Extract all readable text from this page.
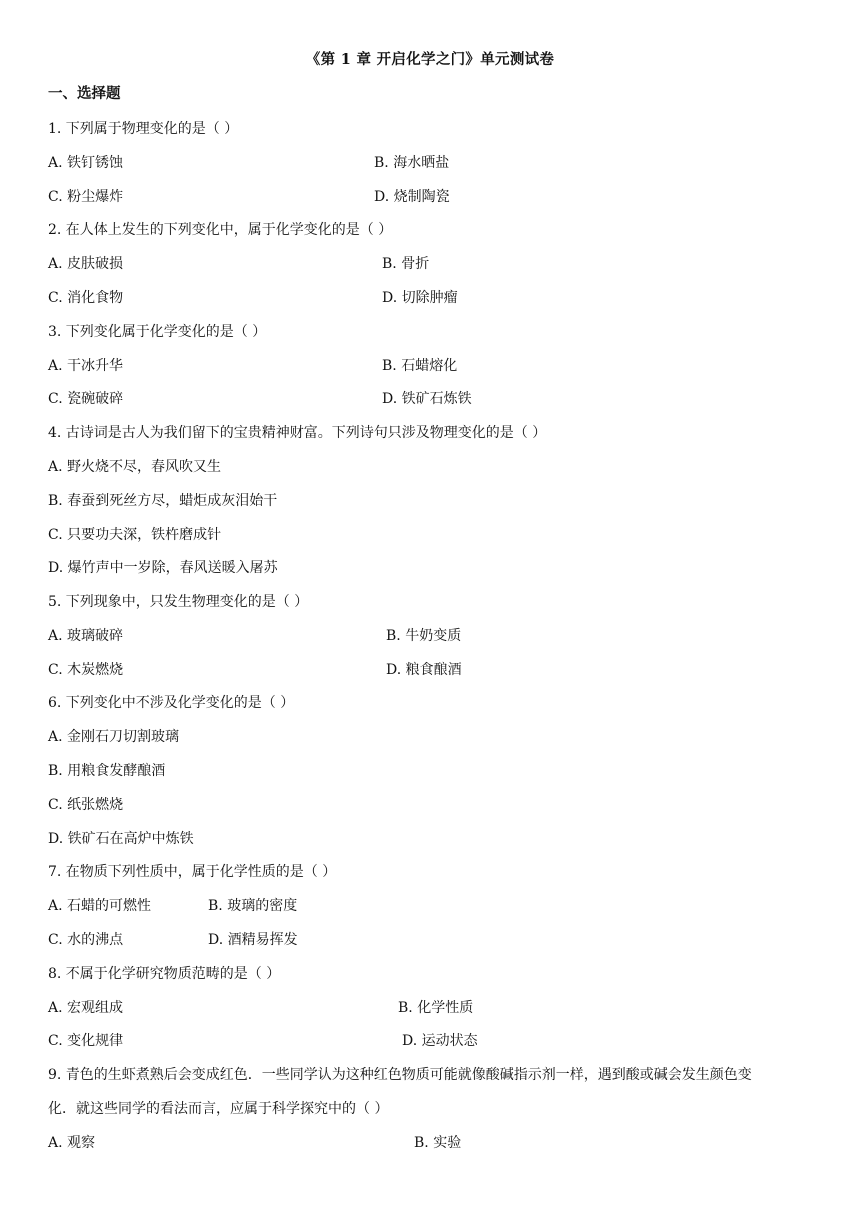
《第 1 章 开启化学之门》单元测试卷
一、选择题
1. 下列属于物理变化的是（ ）
A. 铁钉锈蚀	B. 海水晒盐
C. 粉尘爆炸	D. 烧制陶瓷
2. 在人体上发生的下列变化中，属于化学变化的是（ ）
A. 皮肤破损	B. 骨折
C. 消化食物	D. 切除肿瘤
3. 下列变化属于化学变化的是（ ）
A. 干冰升华	B. 石蜡熔化
C. 瓷碗破碎	D. 铁矿石炼铁
4. 古诗词是古人为我们留下的宝贵精神财富。下列诗句只涉及物理变化的是（ ）
A. 野火烧不尽，春风吹又生
B. 春蚕到死丝方尽，蜡炬成灰泪始干
C. 只要功夫深，铁杵磨成针
D. 爆竹声中一岁除，春风送暖入屠苏
5. 下列现象中，只发生物理变化的是（ ）
A. 玻璃破碎	B. 牛奶变质
C. 木炭燃烧	D. 粮食酿酒
6. 下列变化中不涉及化学变化的是（ ）
A. 金刚石刀切割玻璃
B. 用粮食发酵酿酒
C. 纸张燃烧
D. 铁矿石在高炉中炼铁
7. 在物质下列性质中，属于化学性质的是（ ）
A. 石蜡的可燃性	B. 玻璃的密度
C. 水的沸点	D. 酒精易挥发
8. 不属于化学研究物质范畴的是（ ）
A. 宏观组成	B. 化学性质
C. 变化规律	D. 运动状态
9. 青色的生虾煮熟后会变成红色．一些同学认为这种红色物质可能就像酸碱指示剂一样，遇到酸或碱会发生颜色变
化．就这些同学的看法而言，应属于科学探究中的（ ）
A. 观察	B. 实验
